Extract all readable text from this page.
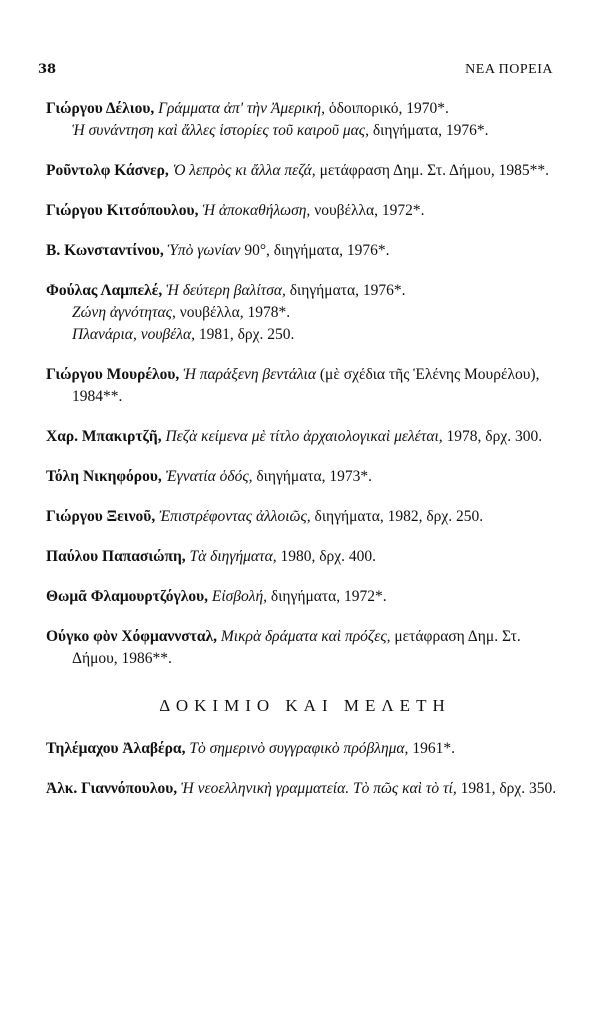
38	ΝΕΑ ΠΟΡΕΙΑ

Γιώργου Δέλιου, Γράμματα ἀπ' τὴν Ἀμερική, ὁδοιπορικό, 1970*.

Ἡ συνάντηση καὶ ἄλλες ἱστορίες τοῦ καιροῦ μας, διηγήματα, 1976*.

Ροῦντολφ Κάσνερ, Ὁ λεπρὸς κι ἄλλα πεζά, μετάφραση Δημ. Στ. Δήμου, 1985**.

Γιώργου Κιτσόπουλου, Ἡ ἀποκαθήλωση, νουβέλλα, 1972*.

Β. Κωνσταντίνου, Ὑπὸ γωνίαν 90°, διηγήματα, 1976*.

Φούλας Λαμπελέ, Ἡ δεύτερη βαλίτσα, διηγήματα, 1976*.

Ζώνη ἀγνότητας, νουβέλλα, 1978*.

Πλανάρια, νουβέλα, 1981, δρχ. 250.

Γιώργου Μουρέλου, Ἡ παράξενη βεντάλια (μὲ σχέδια τῆς Ἑλένης Μουρέλου), 1984**.

Χαρ. Μπακιρτζῆ, Πεζὰ κείμενα μὲ τίτλο ἀρχαιολογικαὶ μελέται, 1978, δρχ. 300.

Τόλη Νικηφόρου, Ἐγνατία ὁδός, διηγήματα, 1973*.

Γιώργου Ξεινοῦ, Ἐπιστρέφοντας ἀλλοιῶς, διηγήματα, 1982, δρχ. 250.

Παύλου Παπασιώπη, Τὰ διηγήματα, 1980, δρχ. 400.

Θωμᾶ Φλαμουρτζόγλου, Εἰσβολή, διηγήματα, 1972*.

Ούγκο φὸν Χόφμαννσταλ, Μικρὰ δράματα καὶ πρόζες, μετάφραση Δημ. Στ. Δήμου, 1986**.

ΔΟΚΙΜΙΟ ΚΑΙ ΜΕΛΕΤΗ

Τηλέμαχου Ἀλαβέρα, Τὸ σημερινὸ συγγραφικὸ πρόβλημα, 1961*.

Ἀλκ. Γιαννόπουλου, Ἡ νεοελληνικὴ γραμματεία. Τὸ πῶς καὶ τὸ τί, 1981, δρχ. 350.
